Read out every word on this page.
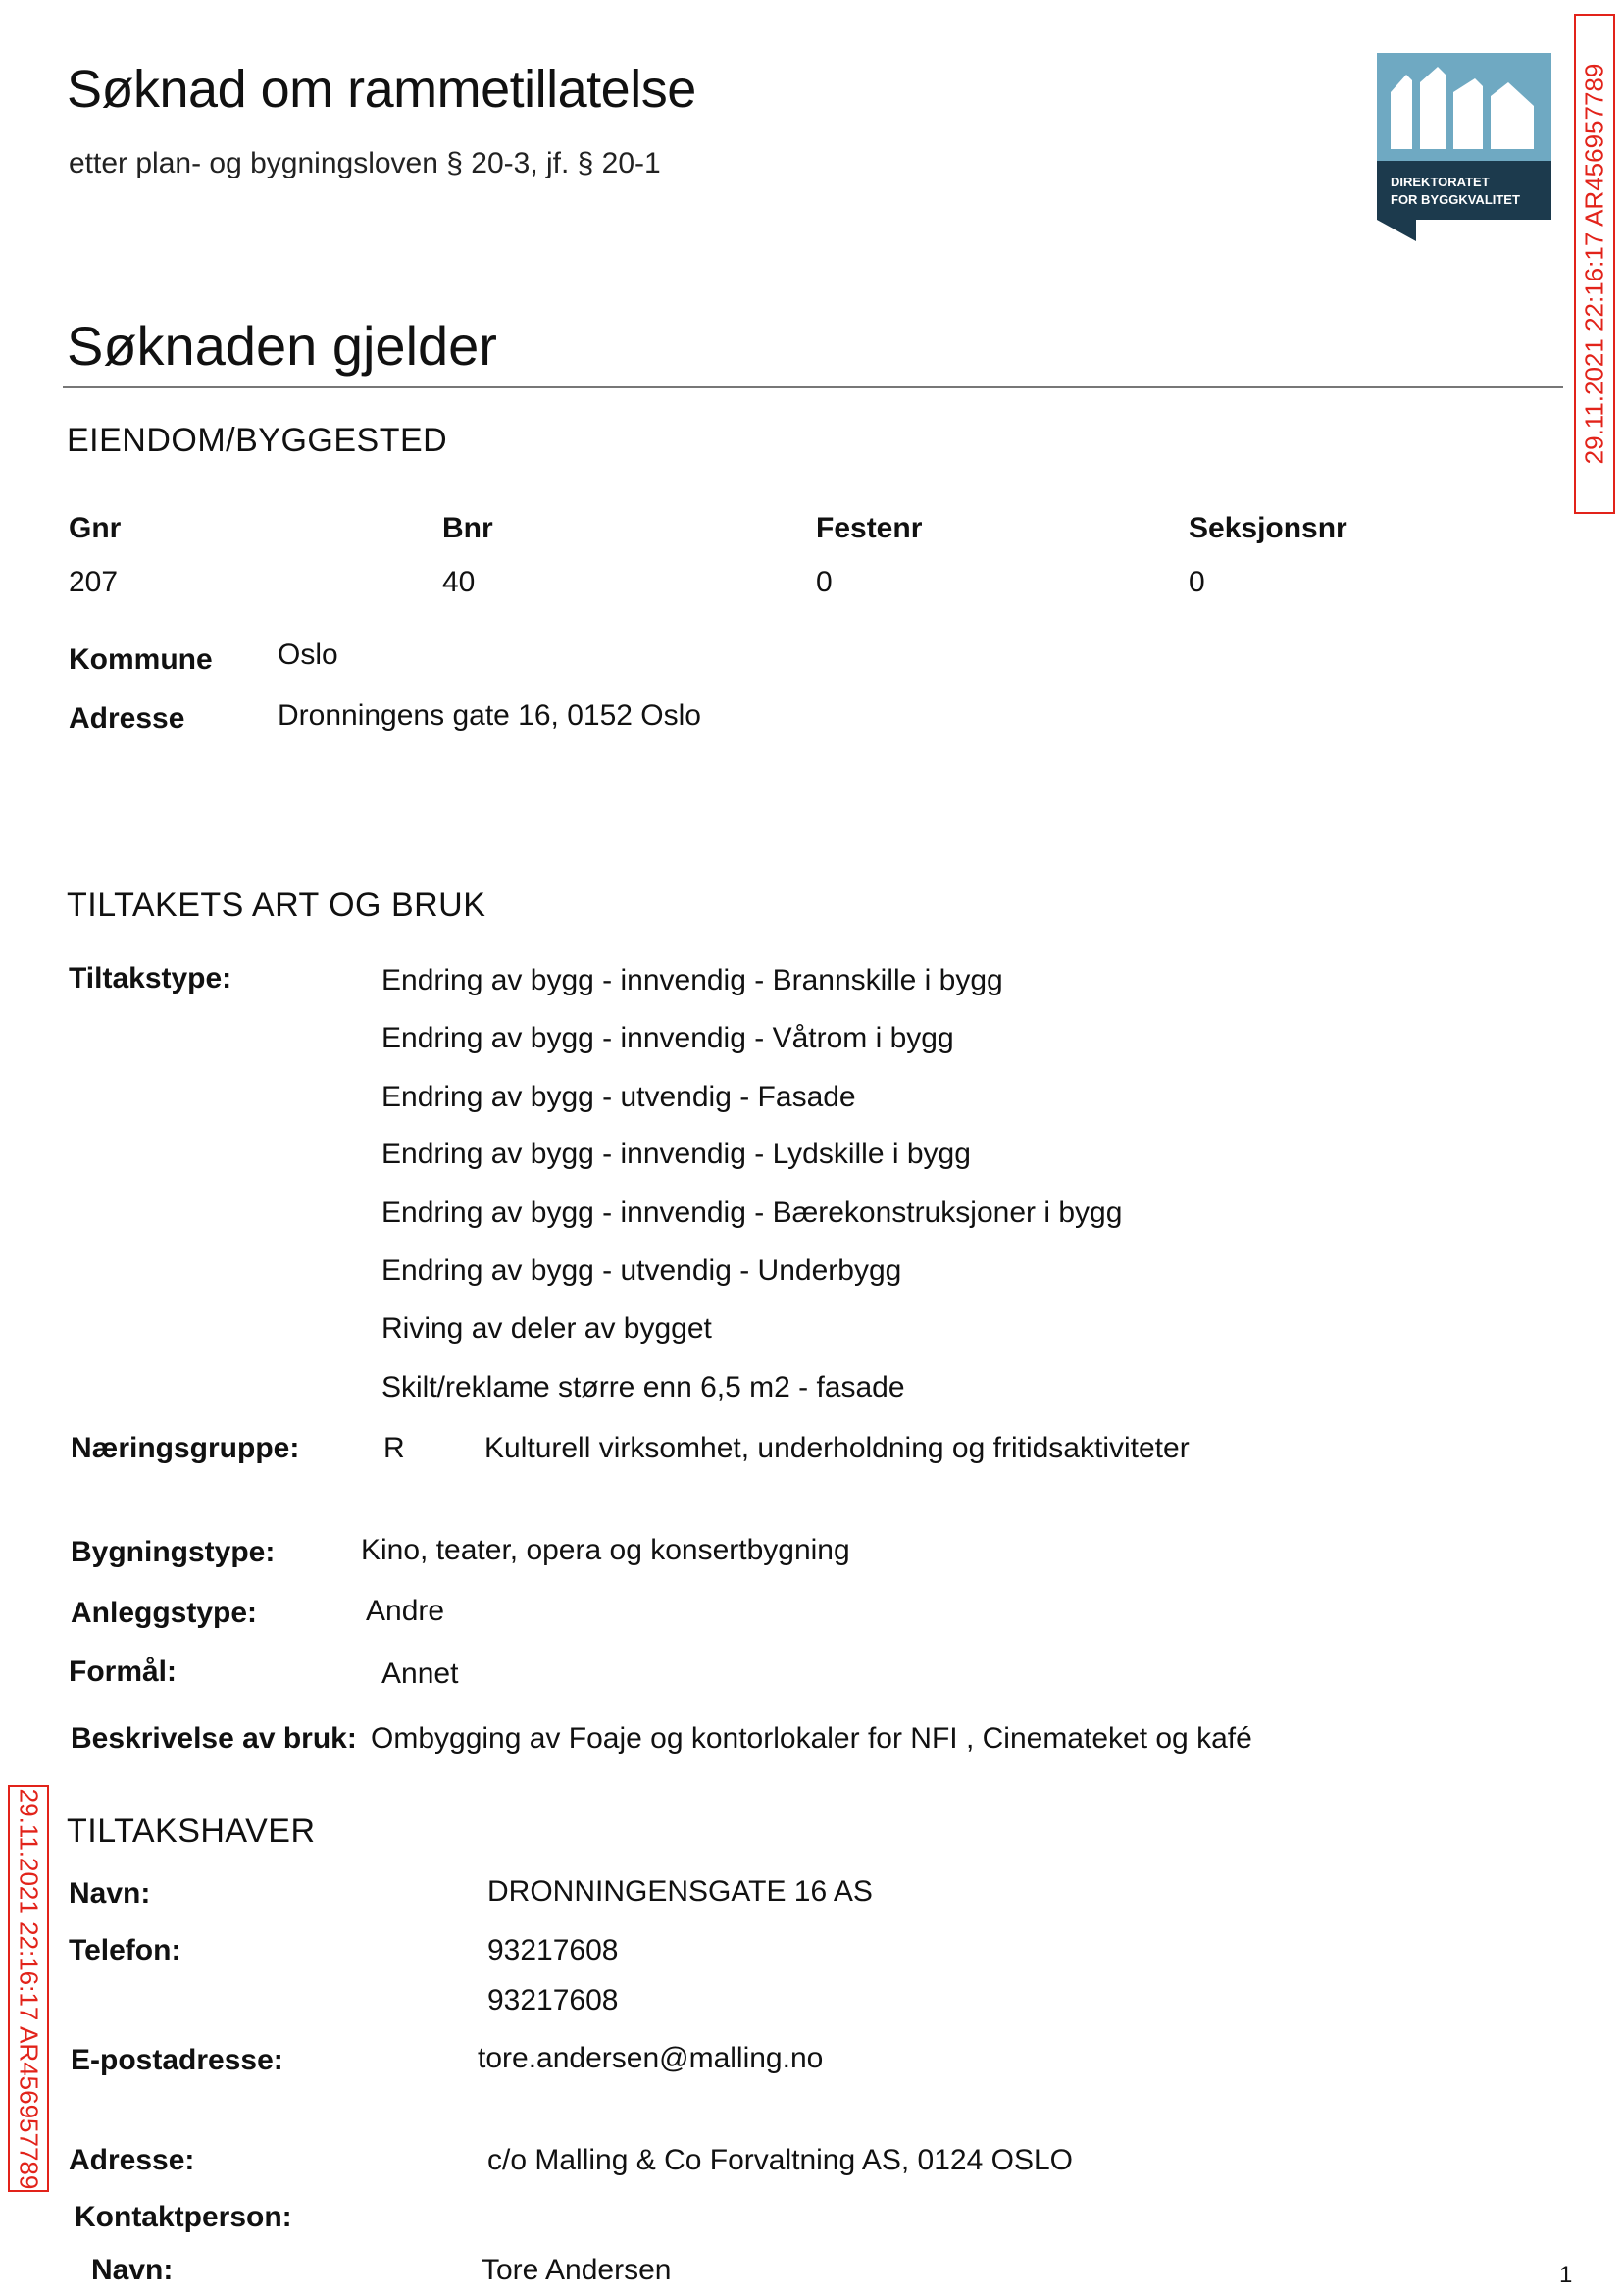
Søknad om rammetillatelse
etter plan- og bygningsloven § 20-3, jf. § 20-1
DIREKTORATET
FOR BYGGKVALITET 29.11.2021 22:16:17 AR456957789
29.11.2021 22:16:17 AR456957789
Søknaden gjelder
EIENDOM/BYGGESTED
Gnr	Bnr	Festenr	Seksjonsnr
207	40	0	0
Kommune Oslo
Adresse	Dronningens gate 16, 0152 Oslo
TILTAKETS ART OG BRUK
Tiltakstype:	Endring av bygg - innvendig - Brannskille i bygg
Endring av bygg - innvendig - Våtrom i bygg
Endring av bygg - utvendig - Fasade
Endring av bygg - innvendig - Lydskille i bygg
Endring av bygg - innvendig - Bærekonstruksjoner i bygg
Endring av bygg - utvendig - Underbygg
Riving av deler av bygget
Skilt/reklame større enn 6,5 m2 - fasade
Næringsgruppe:	R	Kulturell virksomhet, underholdning og fritidsaktiviteter
Bygningstype:	Kino, teater, opera og konsertbygning
Anleggstype:	Andre
Formål:	Annet
Beskrivelse av bruk: Ombygging av Foaje og kontorlokaler for NFI , Cinemateket og kafé
TILTAKSHAVER
Navn:	DRONNINGENSGATE 16 AS
Telefon:	93217608
93217608
E-postadresse:	tore.andersen@malling.no
Adresse:	c/o Malling & Co Forvaltning AS, 0124 OSLO
Kontaktperson:
Navn:	Tore Andersen	1
